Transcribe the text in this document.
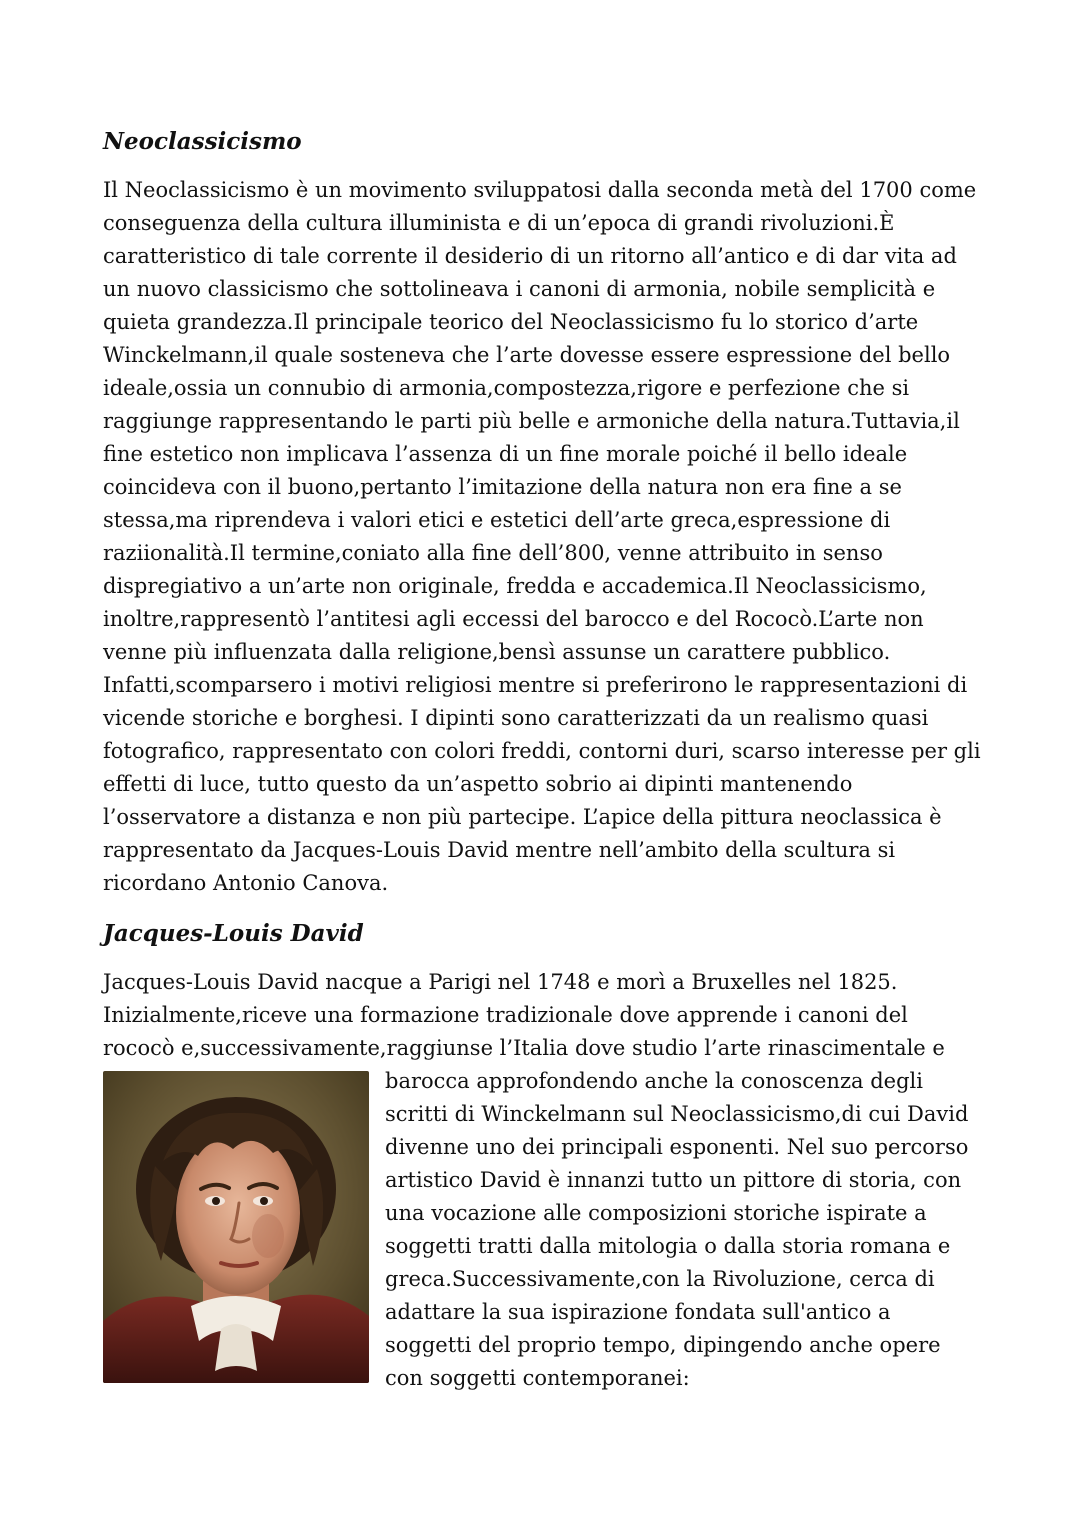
Neoclassicismo

Il Neoclassicismo è un movimento sviluppatosi dalla seconda metà del 1700 come conseguenza della cultura illuminista e di un’epoca di grandi rivoluzioni.È caratteristico di tale corrente il desiderio di un ritorno all’antico e di dar vita ad un nuovo classicismo che sottolineava i canoni di armonia, nobile semplicità e quieta grandezza.Il principale teorico del Neoclassicismo fu lo storico d’arte Winckelmann,il quale sosteneva che l’arte dovesse essere espressione del bello ideale,ossia un connubio di armonia,compostezza,rigore e perfezione che si raggiunge rappresentando le parti più belle e armoniche della natura.Tuttavia,il fine estetico non implicava l’assenza di un fine morale poiché il bello ideale coincideva con il buono,pertanto l’imitazione della natura non era fine a se stessa,ma riprendeva i valori etici e estetici dell’arte greca,espressione di raziionalità.Il termine,coniato alla fine dell’800, venne attribuito in senso dispregiativo a un’arte non originale, fredda e accademica.Il Neoclassicismo, inoltre,rappresentò l’antitesi agli eccessi del barocco e del Rococò.L’arte non venne più influenzata dalla religione,bensì assunse un carattere pubblico. Infatti,scomparsero i motivi religiosi mentre si preferirono le rappresentazioni di vicende storiche e borghesi. I dipinti sono caratterizzati da un realismo quasi fotografico, rappresentato con colori freddi, contorni duri, scarso interesse per gli effetti di luce, tutto questo da un’aspetto sobrio ai dipinti mantenendo l’osservatore a distanza e non più partecipe. L’apice della pittura neoclassica è rappresentato da Jacques-Louis David mentre nell’ambito della scultura si ricordano Antonio Canova.

Jacques-Louis David
Jacques-Louis David nacque a Parigi nel 1748 e morì a Bruxelles nel 1825. Inizialmente,riceve una formazione tradizionale dove apprende i canoni del rococò e,successivamente,raggiunse l’Italia dove studio l’arte rinascimentale e
barocca approfondendo anche la conoscenza degli scritti di Winckelmann sul Neoclassicismo,di cui David divenne uno dei principali esponenti. Nel suo percorso artistico David è innanzi tutto un pittore di storia, con una vocazione alle composizioni storiche ispirate a soggetti tratti dalla mitologia o dalla storia romana e greca.Successivamente,con la Rivoluzione, cerca di adattare la sua ispirazione fondata sull'antico a soggetti del proprio tempo, dipingendo anche opere con soggetti contemporanei:
